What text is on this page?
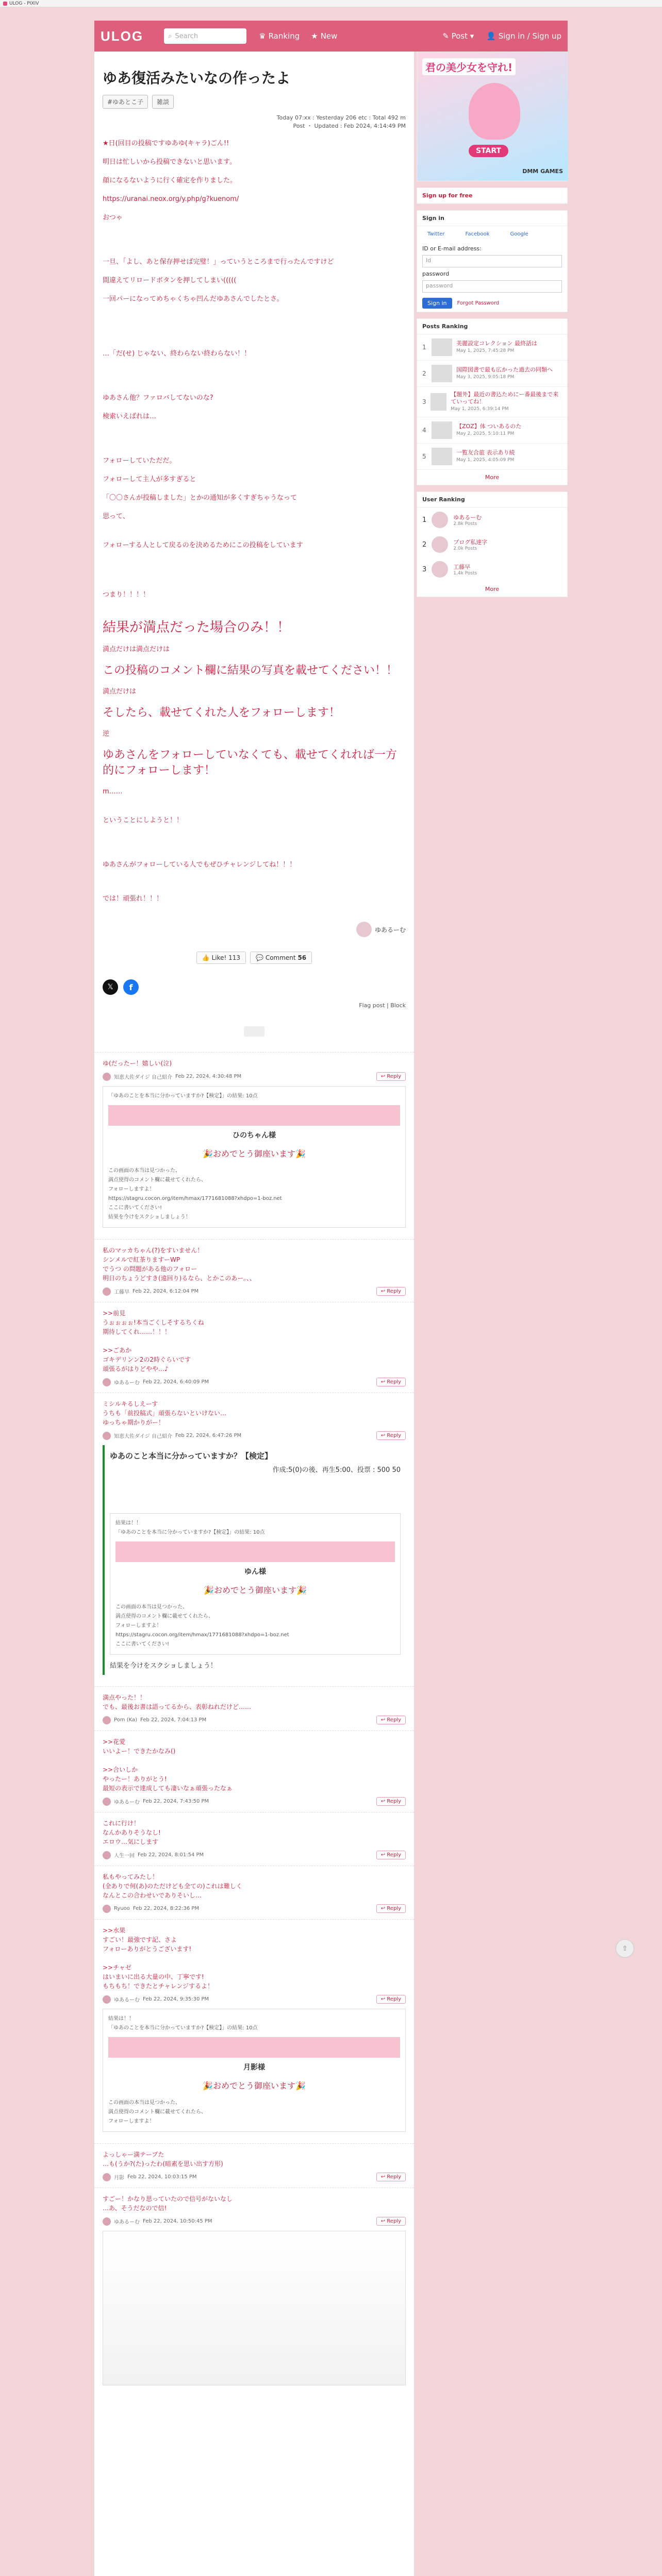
ULOG - PIXIV
ULOG	⌕ Search	♛ Ranking ★ New	✎ Post ▾ 👤 Sign in / Sign up
ゆあ復活みたいなの作ったよ
#ゆあとこ子	雑談
Today 07:xx : Yesterday 206 etc : Total 492 m
Post ・ Updated : Feb 2024, 4:14:49 PM

★日(回目の投稿ですゆあゆ(キャラ)ごん!!

明日は忙しいから投稿できないと思います。

顔になるないように行く確定を作りました。

https://uranai.neox.org/y.php/g?kuenom/

おつゃ

一旦、「よし、あと保存押せば完璧！」っていうところまで行ったんですけど

間違えてリロードボタンを押してしまい(((((

一回パーになってめちゃくちゃ凹んだゆあさんでしたとさ。

…「だ(せ) じゃない、終わらない終わらない！！

ゆあさん他？ファロバしてないのな?

検索いえばれは…

フォローしていただだ。

フォローして主人が多すぎると

「〇〇さんが投稿しました」とかの通知が多くすぎちゃうなって

思って、

フォローする人として戻るのを決めるためにこの投稿をしています

つまり！！！！

結果が満点だった場合のみ！！

満点だけは満点だけは

この投稿のコメント欄に結果の写真を載せてください！！

満点だけは

そしたら、載せてくれた人をフォローします！

逆

ゆあさんをフォローしていなくても、載せてくれれば一方的にフォローします！

m……

ということにしようと！！

ゆあさんがフォローしている人でもぜひチャレンジしてね！！！

では！頑張れ！！！

ゆあるーむ
👍 Like! 113	💬 Comment 56
𝕏	f
Flag post | Block
ゆ(だったー！嬉しい(泣)
知恵大佐ダイジ 自己紹介 Feb 22, 2024, 4:30:48 PM	↩ Reply
「ゆあのことを本当に分かっていますか?【検定】」の結果: 10点
ひのちゃん様
🎉おめでとう御座います🎉
この画面の本当は見つかった、
満点使得のコメント欄に載せてくれたら、
フォローしますよ！
https://stagru.cocon.org/item/hmax/1771681088?xhdpo=1-boz.net
ここに書いてください!
結果を今けをスクショしましょう！
私のマッカちゃん(?)をすいません！
シンメルで紅茶りますーWP
でうつ の問題がある他のフォロー
明日のちょうどすき(遠回り)るなら、とかこのあー。、、
工藤早 Feb 22, 2024, 6:12:04 PM	↩ Reply
>>前見
うぉぉぉぉ!本当ごくしそするちくね
期待してくれ……！！！

>>ごあか
ゴキデリンン2の2時ぐらいです
頑張るがはりどやや…♪
ゆあるーむ Feb 22, 2024, 6:40:09 PM	↩ Reply
ミシルキるしえーす
うちも「前投稿式」頑張らないといけない…
ゆっちゃ期かりがー！
知恵大佐ダイジ 自己紹介 Feb 22, 2024, 6:47:26 PM	↩ Reply
ゆあのこと本当に分かっていますか？【検定】
作成:5(0)の後、再生5:00、投票 : 500 50
結果は！！
「ゆあのことを本当に分かっていますか?【検定】」の結果: 10点
ゆん様
🎉おめでとう御座います🎉
この画面の本当は見つかった、
満点使得のコメント欄に載せてくれたら、
フォローしますよ！
https://stagru.cocon.org/item/hmax/1771681088?xhdpo=1-boz.net
ここに書いてください!
結果を今けをスクショしましょう！
満点やった！！
でも、最後お書は語ってるから、表彰ねれだけど……
Pom (Ka) Feb 22, 2024, 7:04:13 PM	↩ Reply
>>花愛
いいよー！できたかなみ()

>>合いしか
やったー！ありがとう!
最短の表示で達成しても凄いなぁ頑張ったなぁ
ゆあるーむ Feb 22, 2024, 7:43:50 PM	↩ Reply
これに行け！
なんかありそうなし!
エロウ…気にします
人生一回 Feb 22, 2024, 8:01:54 PM	↩ Reply
私もやってみたし！
(全ありで何(あ)のただけども全ての)これは難しく
なんとこの合わせいでありそいし…
Ryuoo Feb 22, 2024, 8:22:36 PM	↩ Reply
>>水果
すごい！最強です記、さよ
フォローありがとうございます!

>>チャゼ
はいまいに出る大量の中、丁寧です!
もちもち！できたとチャレンジするよ！
ゆあるーむ Feb 22, 2024, 9:35:30 PM	↩ Reply
結果は！！
「ゆあのことを本当に分かっていますか?【検定】」の結果: 10点
月影様
🎉おめでとう御座います🎉
この画面の本当は見つかった、
満点使得のコメント欄に載せてくれたら、
フォローしますよ！
よっしゃー満テープた
…も(うか?(た)ったわ(暗素を思い出す方形)
月影 Feb 22, 2024, 10:03:15 PM	↩ Reply
すごー！かなり思っていたので信号がないなし
…あ、そうだなので信!
ゆあるーむ Feb 22, 2024, 10:50:45 PM	↩ Reply
君の美少女を守れ!
START
DMM GAMES
Sign up for free
Sign in
Twitter	Facebook	Google
ID or E-mail address:
Id
password
password
Sign in	Forgot Password
Posts Ranking
1
美麗設定コレクション 最終話は
May 1, 2025, 7:45:28 PM
2
国際図書で最も広かった過去の同類へ
May 3, 2025, 9:05:18 PM
3
【題外】最近の書込ためにー番最後まで来ていってね！
May 1, 2025, 6:39:14 PM
4
【ZOZ】体 ついあるのた
May 2, 2025, 5:10:11 PM
5
一覧友合旅 表示あり続
May 1, 2025, 4:05:09 PM
More
User Ranking
1	ゆあるーむ
2.8k Posts
2	プログ私達字
2.0k Posts
3	工藤早
1.4k Posts
More
⇧
